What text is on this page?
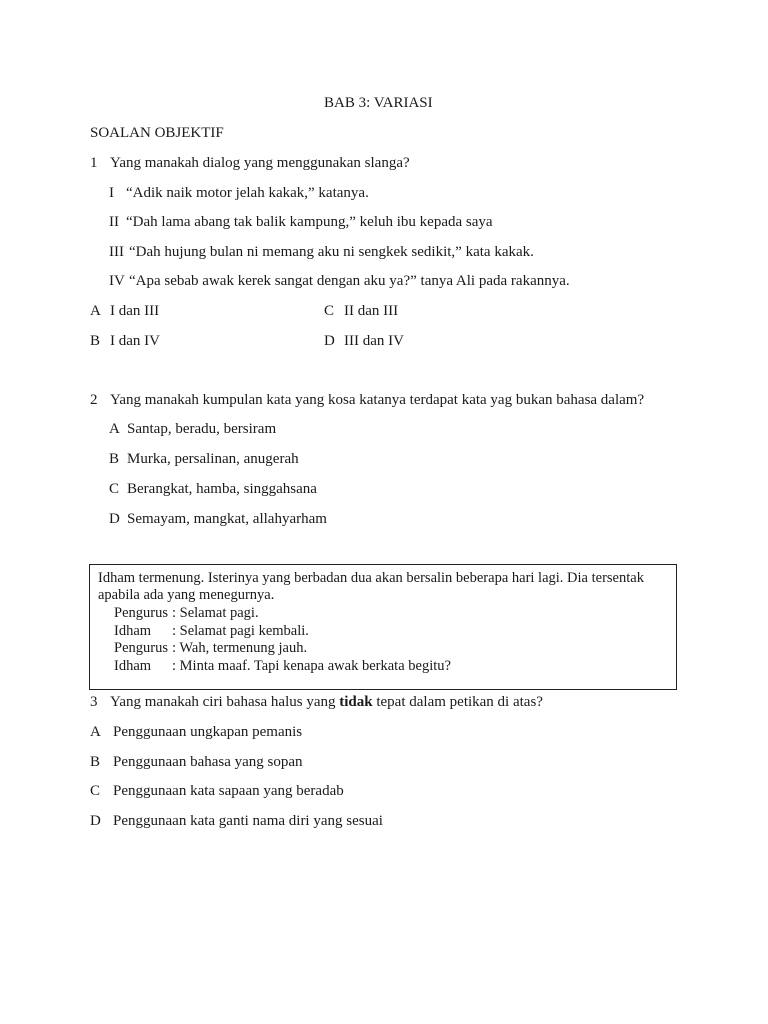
BAB 3: VARIASI
SOALAN OBJEKTIF
1 Yang manakah dialog yang menggunakan slanga?
I “Adik naik motor jelah kakak,” katanya.
II “Dah lama abang tak balik kampung,” keluh ibu kepada saya
III “Dah hujung bulan ni memang aku ni sengkek sedikit,” kata kakak.
IV “Apa sebab awak kerek sangat dengan aku ya?” tanya Ali pada rakannya.
A I dan III	C II dan III
B I dan IV	D III dan IV
2 Yang manakah kumpulan kata yang kosa katanya terdapat kata yag bukan bahasa dalam?
A Santap, beradu, bersiram
B Murka, persalinan, anugerah
C Berangkat, hamba, singgahsana
D Semayam, mangkat, allahyarham
Idham termenung. Isterinya yang berbadan dua akan bersalin beberapa hari lagi. Dia tersentak
apabila ada yang menegurnya.
Pengurus : Selamat pagi.
Idham : Selamat pagi kembali.
Pengurus : Wah, termenung jauh.
Idham : Minta maaf. Tapi kenapa awak berkata begitu?
3 Yang manakah ciri bahasa halus yang tidak tepat dalam petikan di atas?
A Penggunaan ungkapan pemanis
B Penggunaan bahasa yang sopan
C Penggunaan kata sapaan yang beradab
D Penggunaan kata ganti nama diri yang sesuai
